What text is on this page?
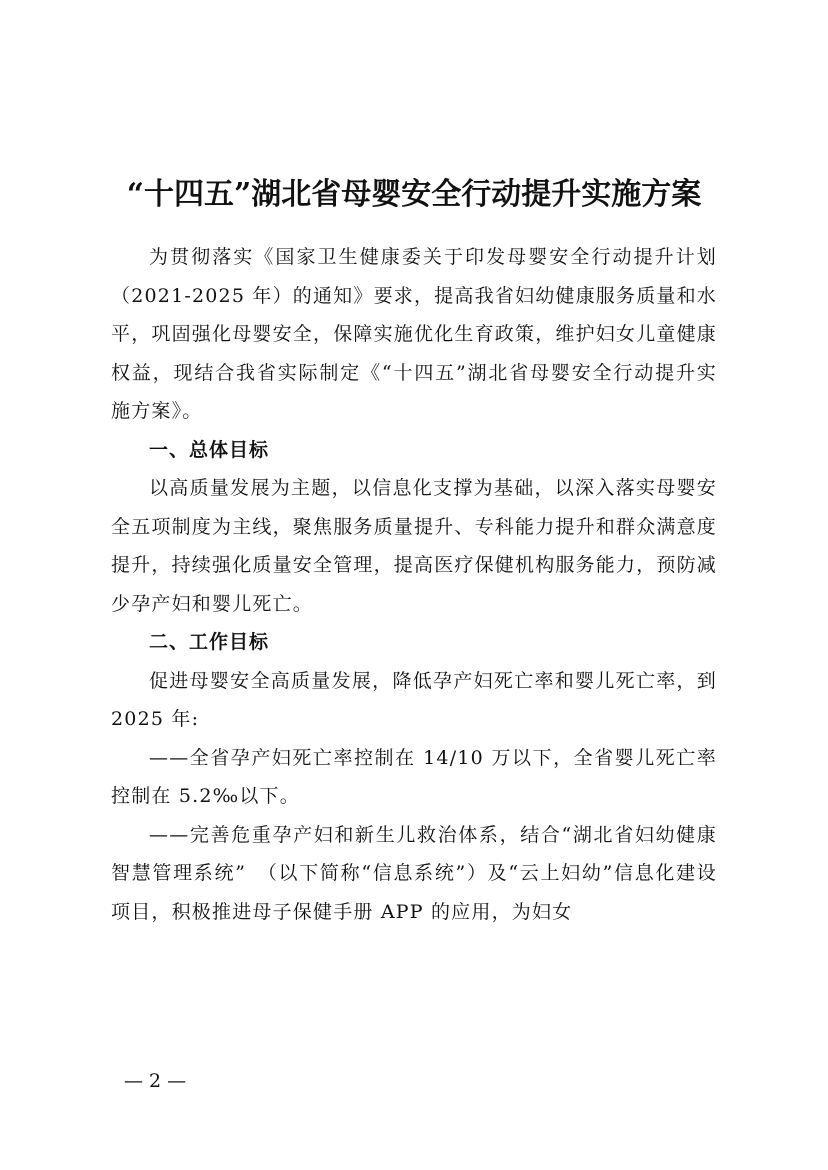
“十四五”湖北省母婴安全行动提升实施方案

为贯彻落实《国家卫生健康委关于印发母婴安全行动提升计划（2021-2025 年）的通知》要求，提高我省妇幼健康服务质量和水平，巩固强化母婴安全，保障实施优化生育政策，维护妇女儿童健康权益，现结合我省实际制定《“十四五”湖北省母婴安全行动提升实施方案》。

一、总体目标

以高质量发展为主题，以信息化支撑为基础，以深入落实母婴安全五项制度为主线，聚焦服务质量提升、专科能力提升和群众满意度提升，持续强化质量安全管理，提高医疗保健机构服务能力，预防减少孕产妇和婴儿死亡。

二、工作目标

促进母婴安全高质量发展，降低孕产妇死亡率和婴儿死亡率，到 2025 年:

——全省孕产妇死亡率控制在 14/10 万以下，全省婴儿死亡率控制在 5.2‰以下。

——完善危重孕产妇和新生儿救治体系，结合“湖北省妇幼健康智慧管理系统”　（以下简称“信息系统”）及“云上妇幼”信息化建设项目，积极推进母子保健手册 APP 的应用，为妇女

— 2 —
